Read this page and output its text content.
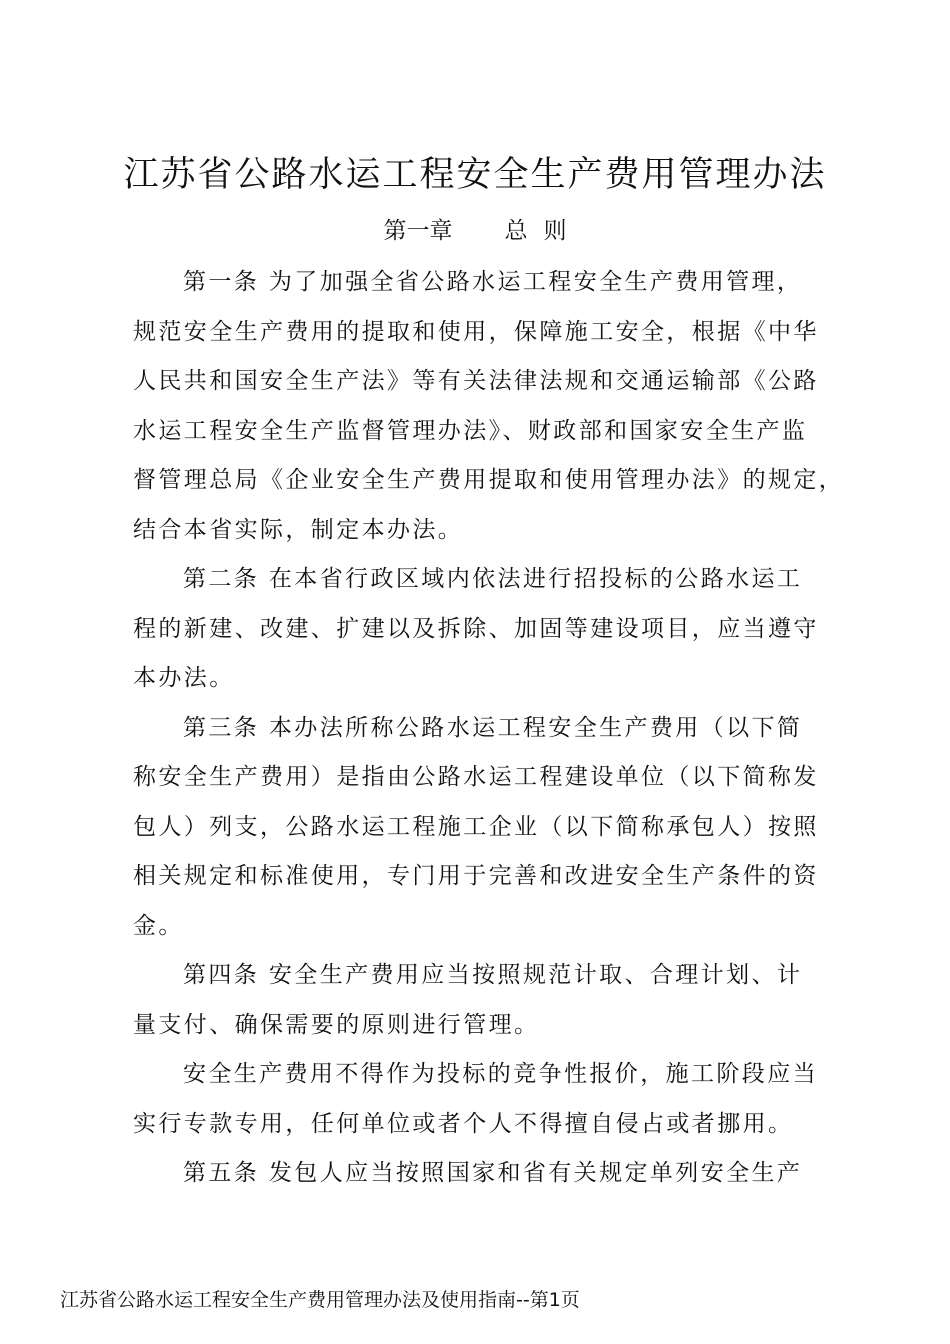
江苏省公路水运工程安全生产费用管理办法
第一章 总 则
第一条 为了加强全省公路水运工程安全生产费用管理，
规范安全生产费用的提取和使用，保障施工安全，根据《中华
人民共和国安全生产法》等有关法律法规和交通运输部《公路
水运工程安全生产监督管理办法》、财政部和国家安全生产监
督管理总局《企业安全生产费用提取和使用管理办法》的规定，
结合本省实际，制定本办法。
第二条 在本省行政区域内依法进行招投标的公路水运工
程的新建、改建、扩建以及拆除、加固等建设项目，应当遵守
本办法。
第三条 本办法所称公路水运工程安全生产费用（以下简
称安全生产费用）是指由公路水运工程建设单位（以下简称发
包人）列支，公路水运工程施工企业（以下简称承包人）按照
相关规定和标准使用，专门用于完善和改进安全生产条件的资
金。
第四条 安全生产费用应当按照规范计取、合理计划、计
量支付、确保需要的原则进行管理。
安全生产费用不得作为投标的竞争性报价，施工阶段应当
实行专款专用，任何单位或者个人不得擅自侵占或者挪用。
第五条 发包人应当按照国家和省有关规定单列安全生产
江苏省公路水运工程安全生产费用管理办法及使用指南--第1页
